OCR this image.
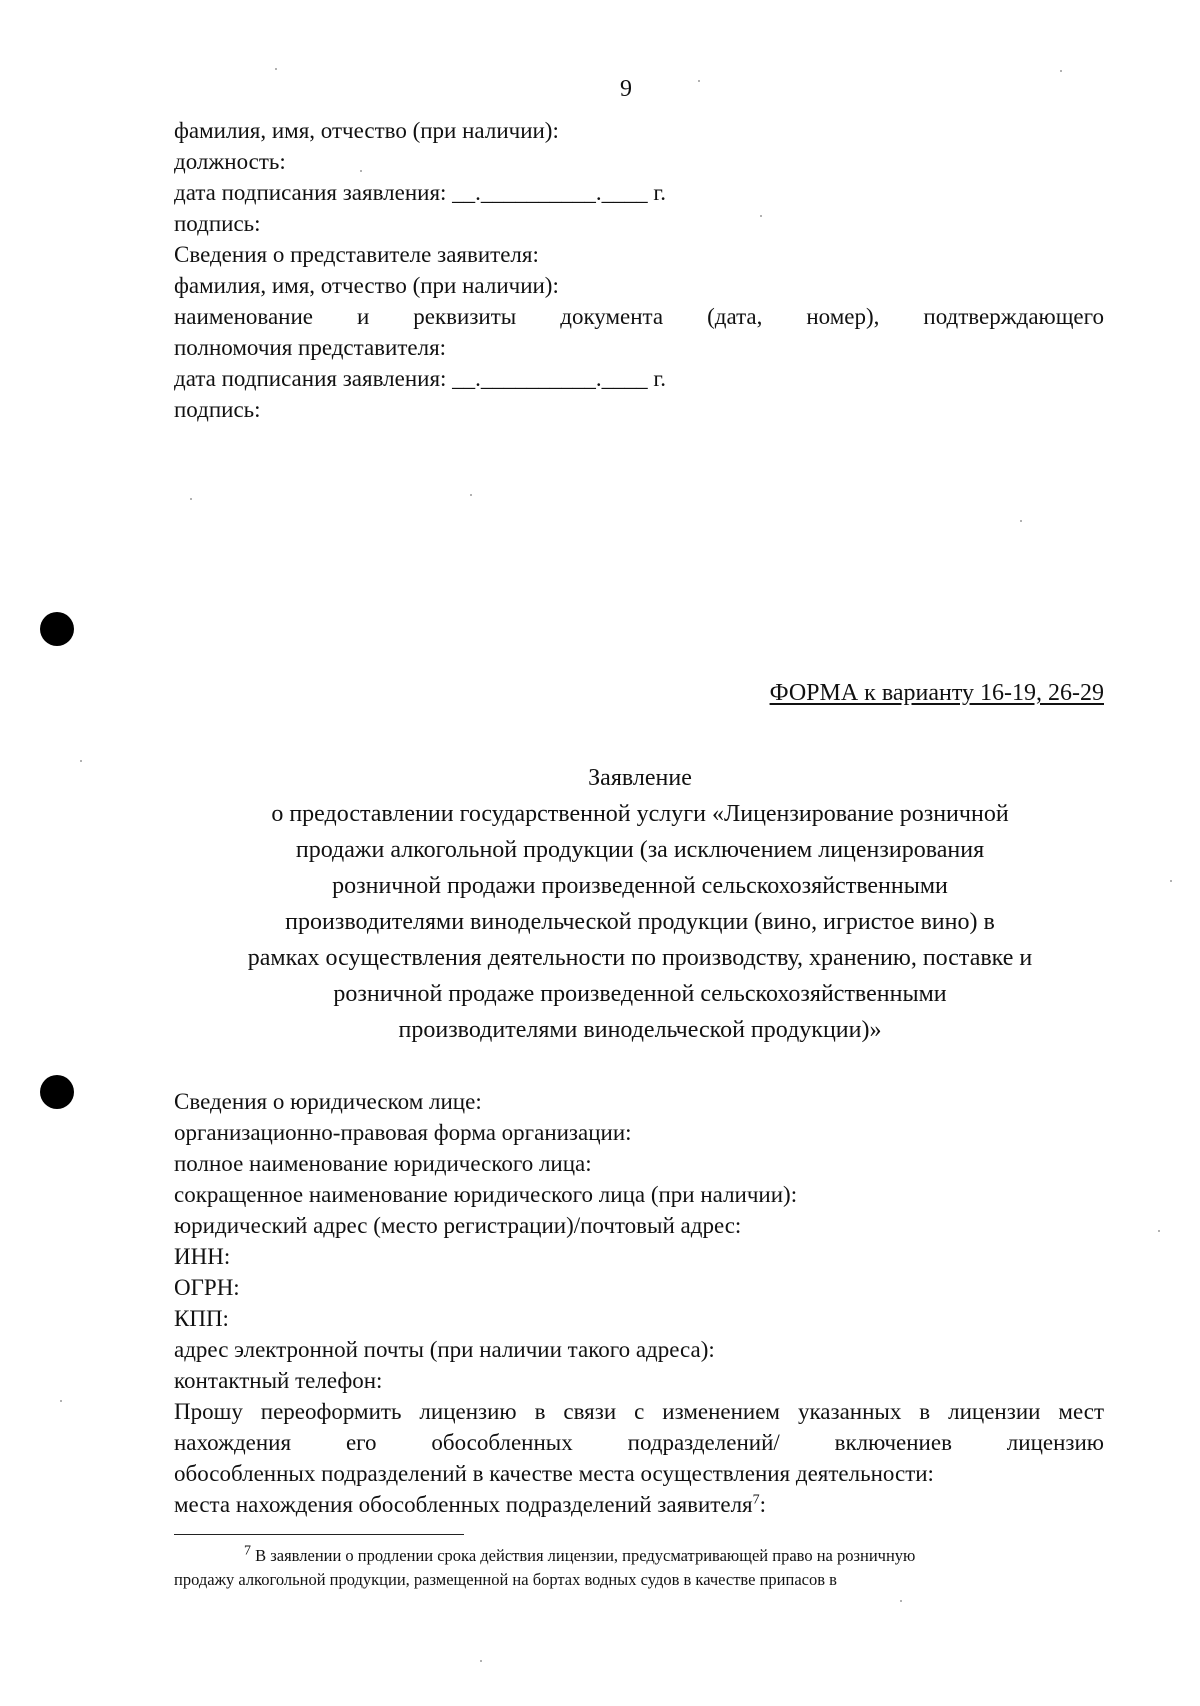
9
фамилия, имя, отчество (при наличии):
должность:
дата подписания заявления: __.__________.____ г.
подпись:
Сведения о представителе заявителя:
фамилия, имя, отчество (при наличии):
наименование и реквизиты документа (дата, номер), подтверждающего
полномочия представителя:
дата подписания заявления: __.__________.____ г.
подпись:
ФОРМА к варианту 16-19, 26-29
Заявление
о предоставлении государственной услуги «Лицензирование розничной
продажи алкогольной продукции (за исключением лицензирования
розничной продажи произведенной сельскохозяйственными
производителями винодельческой продукции (вино, игристое вино) в
рамках осуществления деятельности по производству, хранению, поставке и
розничной продаже произведенной сельскохозяйственными
производителями винодельческой продукции)»
Сведения о юридическом лице:
организационно-правовая форма организации:
полное наименование юридического лица:
сокращенное наименование юридического лица (при наличии):
юридический адрес (место регистрации)/почтовый адрес:
ИНН:
ОГРН:
КПП:
адрес электронной почты (при наличии такого адреса):
контактный телефон:
Прошу переоформить лицензию в связи с изменением указанных в лицензии мест
нахождения его обособленных подразделений/ включениев лицензию
обособленных подразделений в качестве места осуществления деятельности:
места нахождения обособленных подразделений заявителя$^7$:
$^7$ В заявлении о продлении срока действия лицензии, предусматривающей право на розничную
продажу алкогольной продукции, размещенной на бортах водных судов в качестве припасов в
